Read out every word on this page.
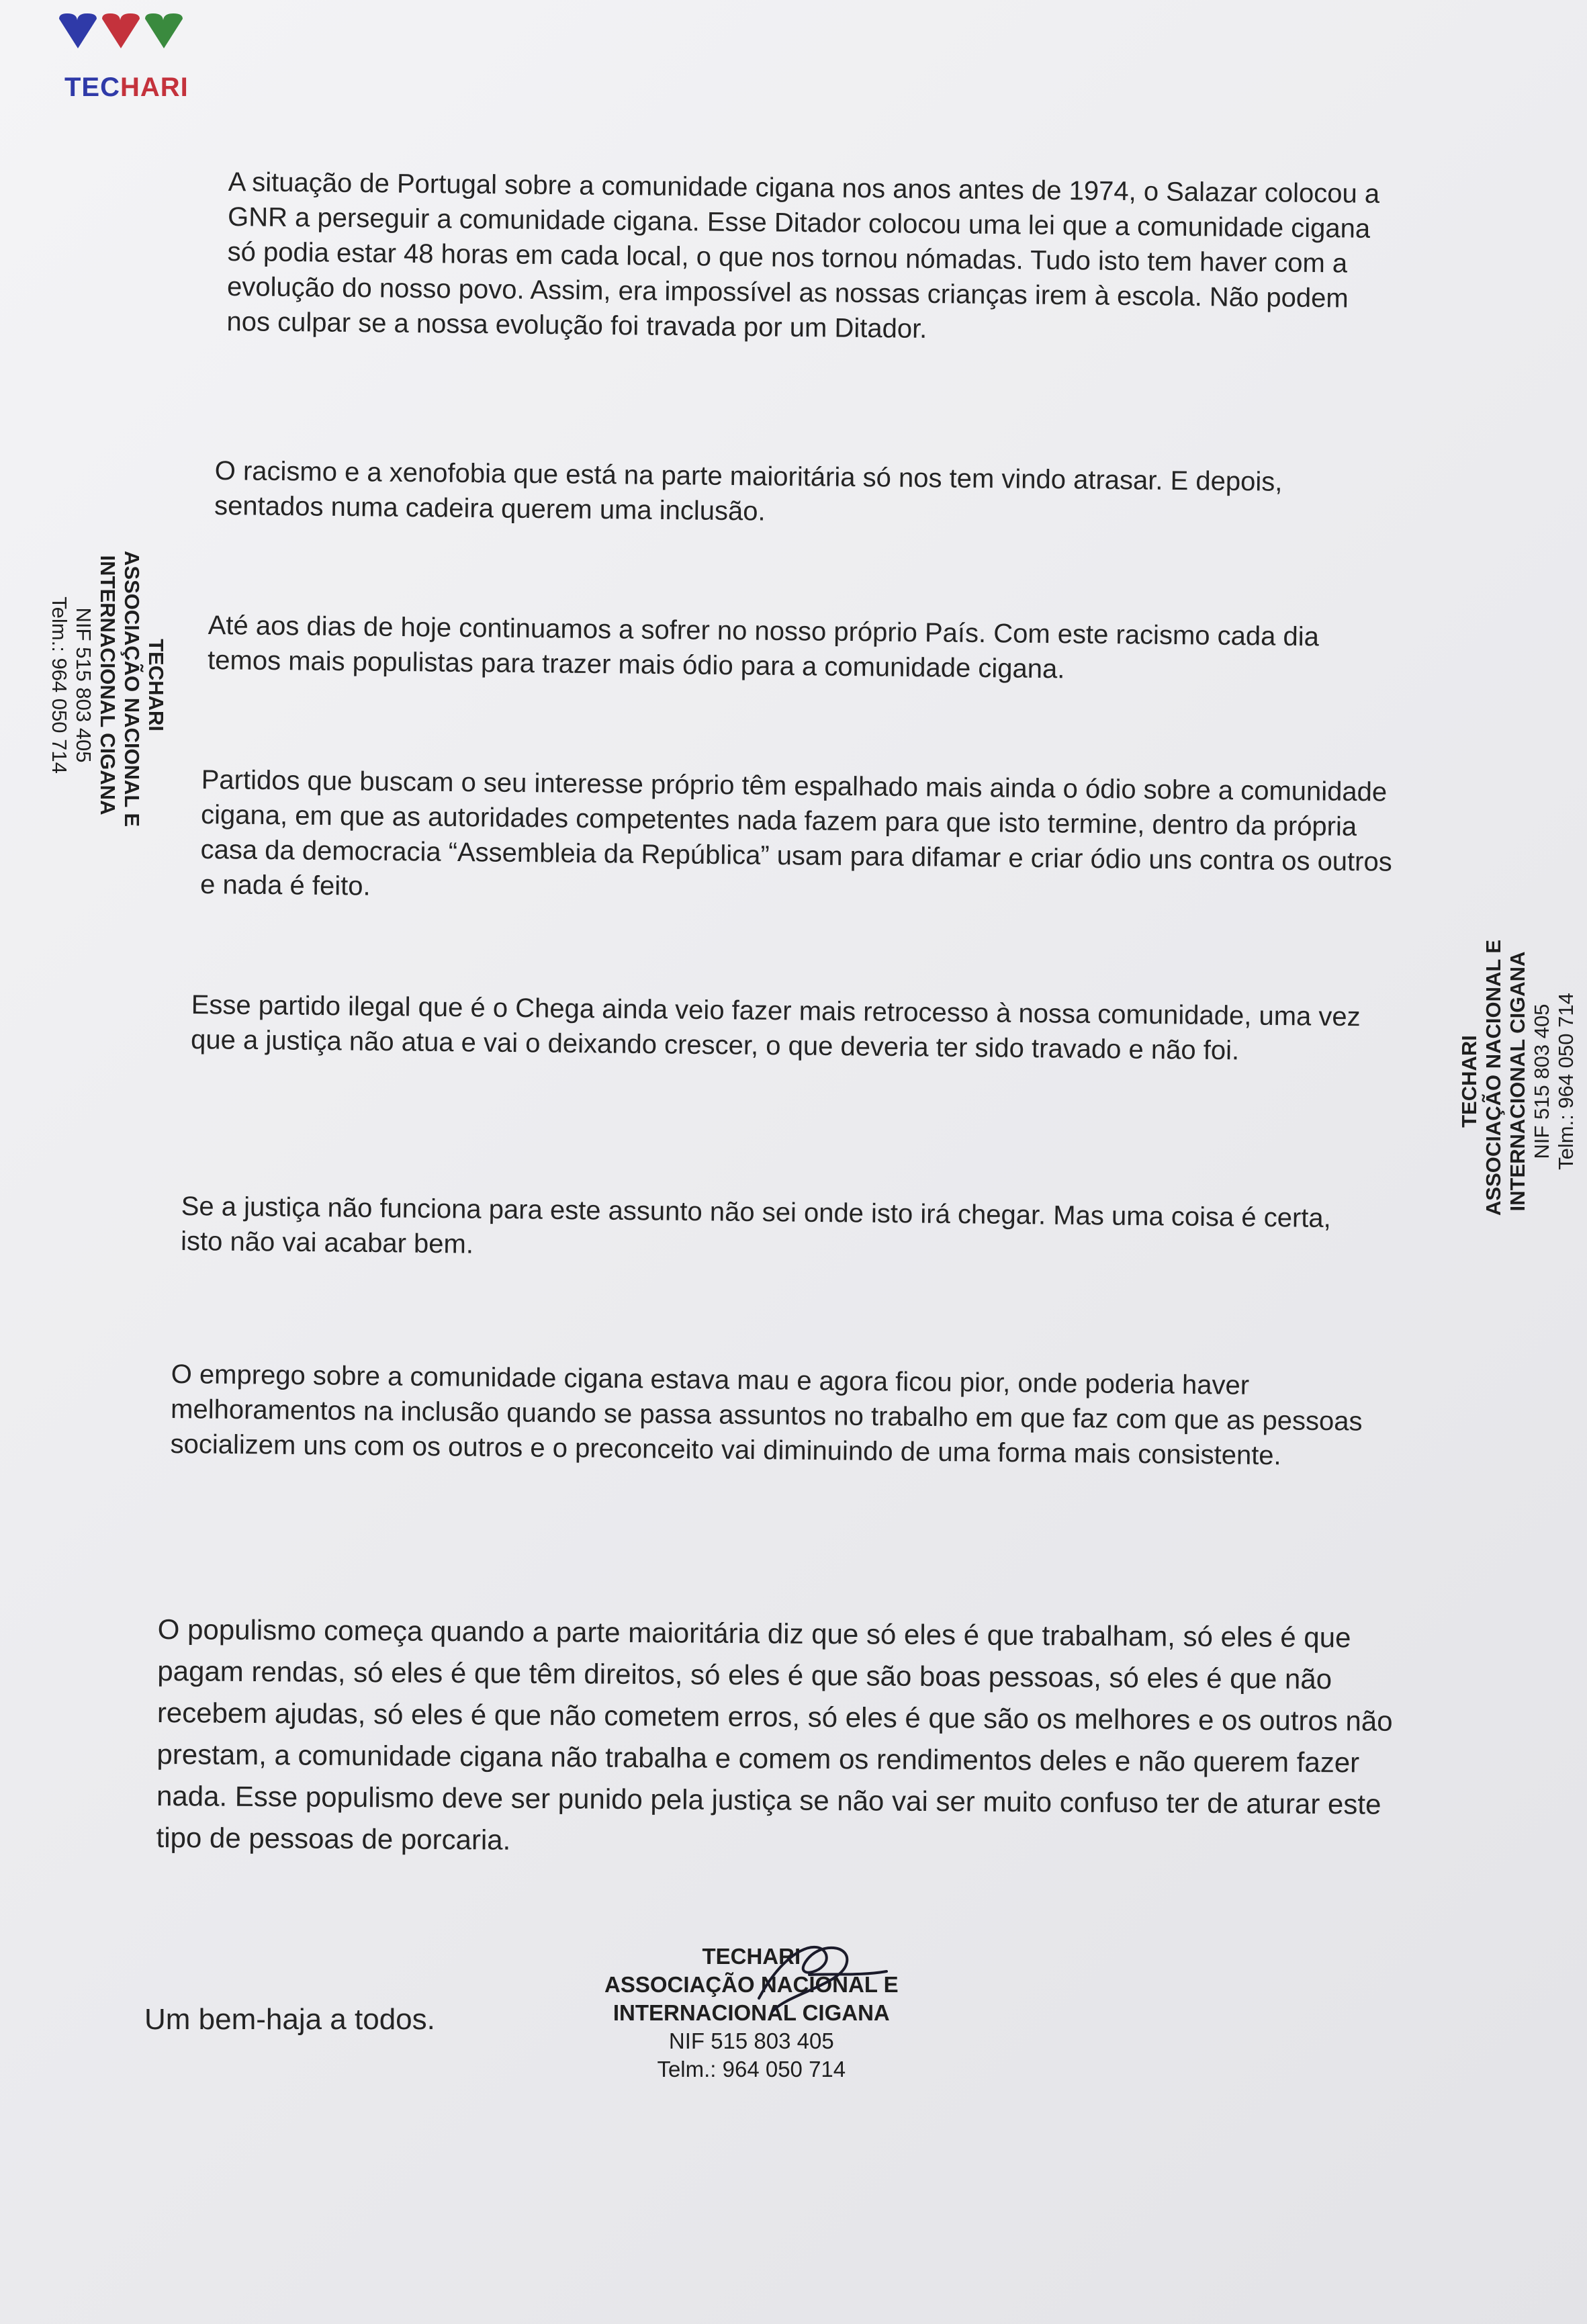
TECHARI
TECHARI
ASSOCIAÇÃO NACIONAL E
INTERNACIONAL CIGANA
NIF 515 803 405
Telm.: 964 050 714
TECHARI ASSOCIAÇÃO NACIONAL E INTERNACIONAL CIGANA NIF 515 803 405 Telm.: 964 050 714

A situação de Portugal sobre a comunidade cigana nos anos antes de 1974, o Salazar colocou a GNR a perseguir a comunidade cigana. Esse Ditador colocou uma lei que a comunidade cigana só podia estar 48 horas em cada local, o que nos tornou nómadas. Tudo isto tem haver com a evolução do nosso povo. Assim, era impossível as nossas crianças irem à escola. Não podem nos culpar se a nossa evolução foi travada por um Ditador.

O racismo e a xenofobia que está na parte maioritária só nos tem vindo atrasar. E depois, sentados numa cadeira querem uma inclusão.

Até aos dias de hoje continuamos a sofrer no nosso próprio País. Com este racismo cada dia temos mais populistas para trazer mais ódio para a comunidade cigana.

Partidos que buscam o seu interesse próprio têm espalhado mais ainda o ódio sobre a comunidade cigana, em que as autoridades competentes nada fazem para que isto termine, dentro da própria casa da democracia “Assembleia da República” usam para difamar e criar ódio uns contra os outros e nada é feito.

Esse partido ilegal que é o Chega ainda veio fazer mais retrocesso à nossa comunidade, uma vez que a justiça não atua e vai o deixando crescer, o que deveria ter sido travado e não foi.

Se a justiça não funciona para este assunto não sei onde isto irá chegar. Mas uma coisa é certa, isto não vai acabar bem.

O emprego sobre a comunidade cigana estava mau e agora ficou pior, onde poderia haver melhoramentos na inclusão quando se passa assuntos no trabalho em que faz com que as pessoas socializem uns com os outros e o preconceito vai diminuindo de uma forma mais consistente.

O populismo começa quando a parte maioritária diz que só eles é que trabalham, só eles é que pagam rendas, só eles é que têm direitos, só eles é que são boas pessoas, só eles é que não recebem ajudas, só eles é que não cometem erros, só eles é que são os melhores e os outros não prestam, a comunidade cigana não trabalha e comem os rendimentos deles e não querem fazer nada. Esse populismo deve ser punido pela justiça se não vai ser muito confuso ter de aturar este tipo de pessoas de porcaria.

Um bem-haja a todos.

TECHARI
ASSOCIAÇÃO NACIONAL E
INTERNACIONAL CIGANA
NIF 515 803 405
Telm.: 964 050 714
